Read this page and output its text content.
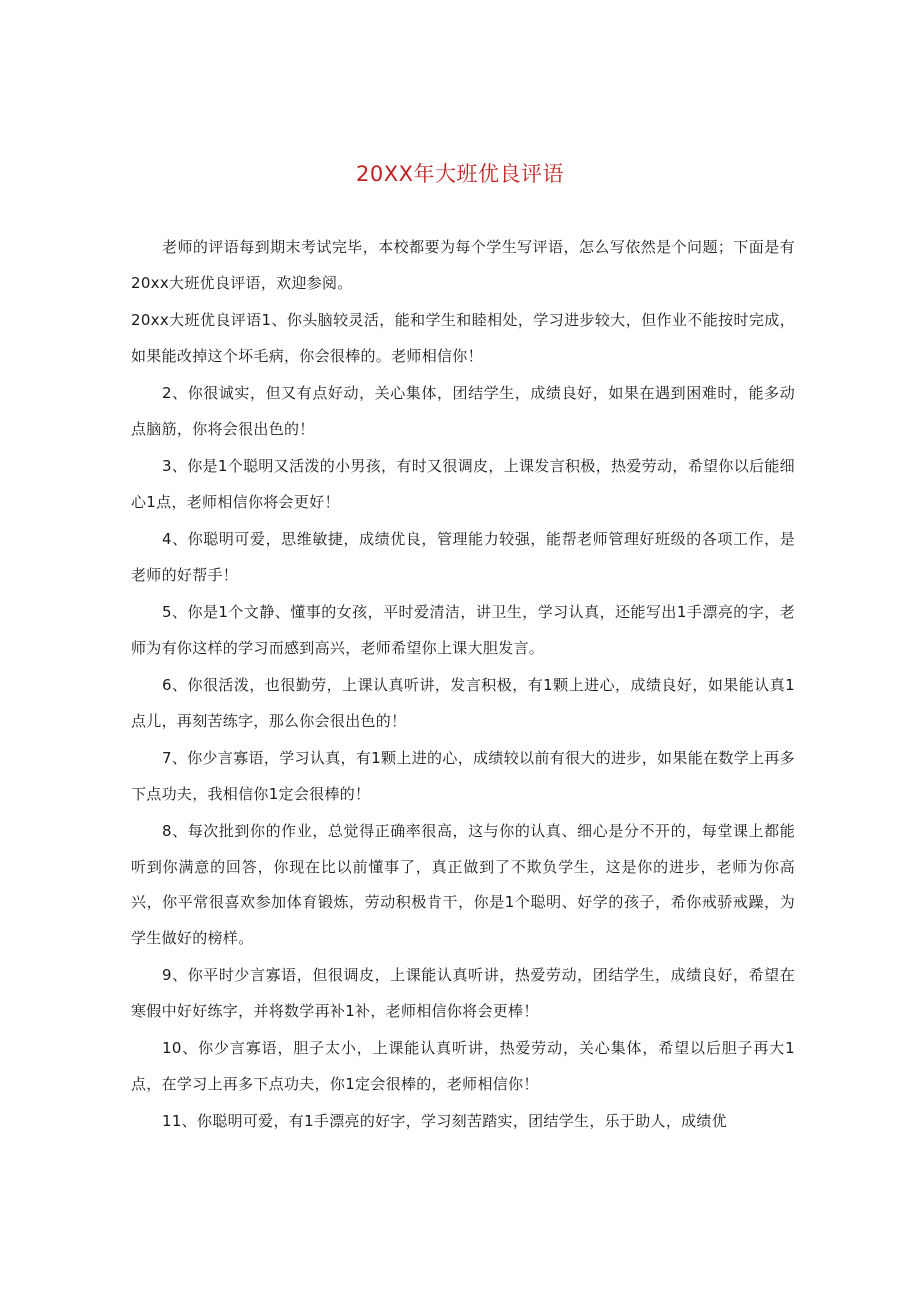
20XX年大班优良评语

老师的评语每到期末考试完毕，本校都要为每个学生写评语，怎么写依然是个问题；下面是有20xx大班优良评语，欢迎参阅。

20xx大班优良评语1、你头脑较灵活，能和学生和睦相处，学习进步较大，但作业不能按时完成，如果能改掉这个坏毛病，你会很棒的。老师相信你！

2、你很诚实，但又有点好动，关心集体，团结学生，成绩良好，如果在遇到困难时，能多动点脑筋，你将会很出色的！

3、你是1个聪明又活泼的小男孩，有时又很调皮，上课发言积极，热爱劳动，希望你以后能细心1点，老师相信你将会更好！

4、你聪明可爱，思维敏捷，成绩优良，管理能力较强，能帮老师管理好班级的各项工作，是老师的好帮手！

5、你是1个文静、懂事的女孩，平时爱清洁，讲卫生，学习认真，还能写出1手漂亮的字，老师为有你这样的学习而感到高兴，老师希望你上课大胆发言。

6、你很活泼，也很勤劳，上课认真听讲，发言积极，有1颗上进心，成绩良好，如果能认真1点儿，再刻苦练字，那么你会很出色的！

7、你少言寡语，学习认真，有1颗上进的心，成绩较以前有很大的进步，如果能在数学上再多下点功夫，我相信你1定会很棒的！

8、每次批到你的作业，总觉得正确率很高，这与你的认真、细心是分不开的，每堂课上都能听到你满意的回答，你现在比以前懂事了，真正做到了不欺负学生，这是你的进步，老师为你高兴，你平常很喜欢参加体育锻炼，劳动积极肯干，你是1个聪明、好学的孩子，希你戒骄戒躁，为学生做好的榜样。

9、你平时少言寡语，但很调皮，上课能认真听讲，热爱劳动，团结学生，成绩良好，希望在寒假中好好练字，并将数学再补1补，老师相信你将会更棒！

10、你少言寡语，胆子太小，上课能认真听讲，热爱劳动，关心集体，希望以后胆子再大1点，在学习上再多下点功夫，你1定会很棒的，老师相信你！

11、你聪明可爱，有1手漂亮的好字，学习刻苦踏实，团结学生，乐于助人，成绩优
